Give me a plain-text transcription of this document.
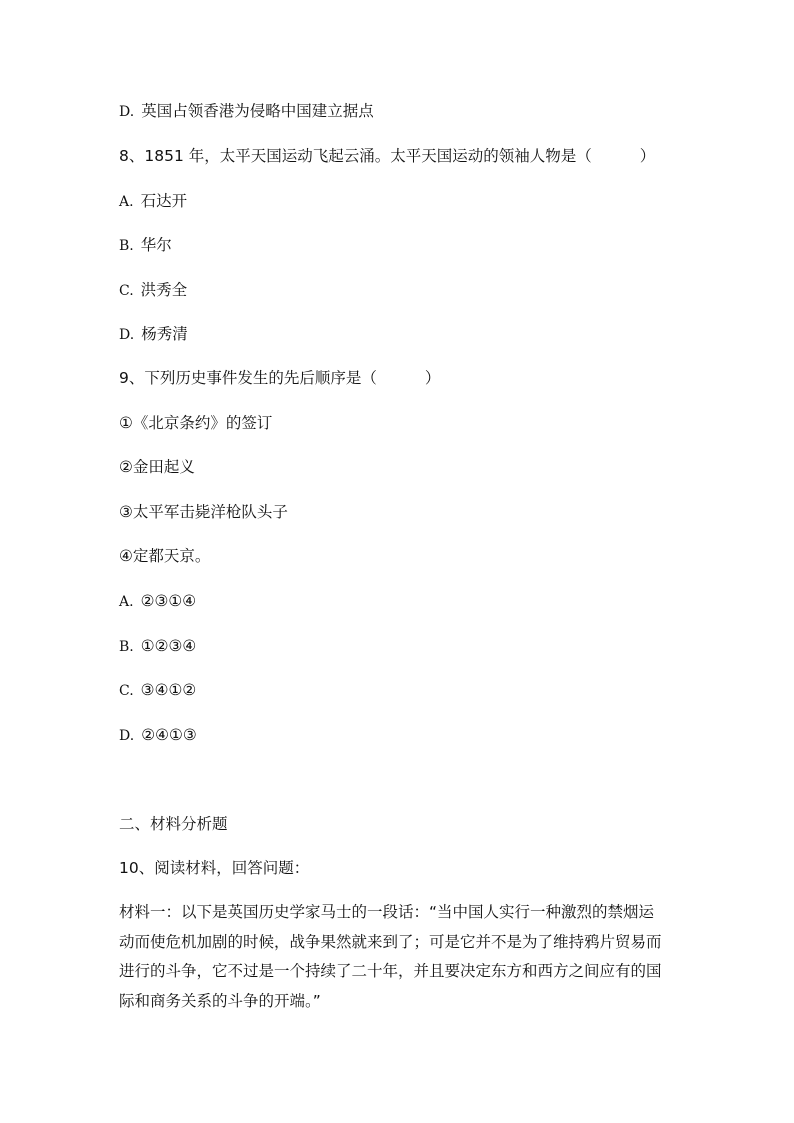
D. 英国占领香港为侵略中国建立据点
8、1851 年，太平天国运动飞起云涌。太平天国运动的领袖人物是（	）
A. 石达开
B. 华尔
C. 洪秀全
D. 杨秀清
9、下列历史事件发生的先后顺序是（	）
①《北京条约》的签订
②金田起义
③太平军击毙洋枪队头子
④定都天京。
A. ②③①④
B. ①②③④
C. ③④①②
D. ②④①③
二、材料分析题
10、阅读材料，回答问题：
材料一：以下是英国历史学家马士的一段话：“当中国人实行一种激烈的禁烟运
动而使危机加剧的时候，战争果然就来到了；可是它并不是为了维持鸦片贸易而
进行的斗争，它不过是一个持续了二十年，并且要决定东方和西方之间应有的国
际和商务关系的斗争的开端。”
